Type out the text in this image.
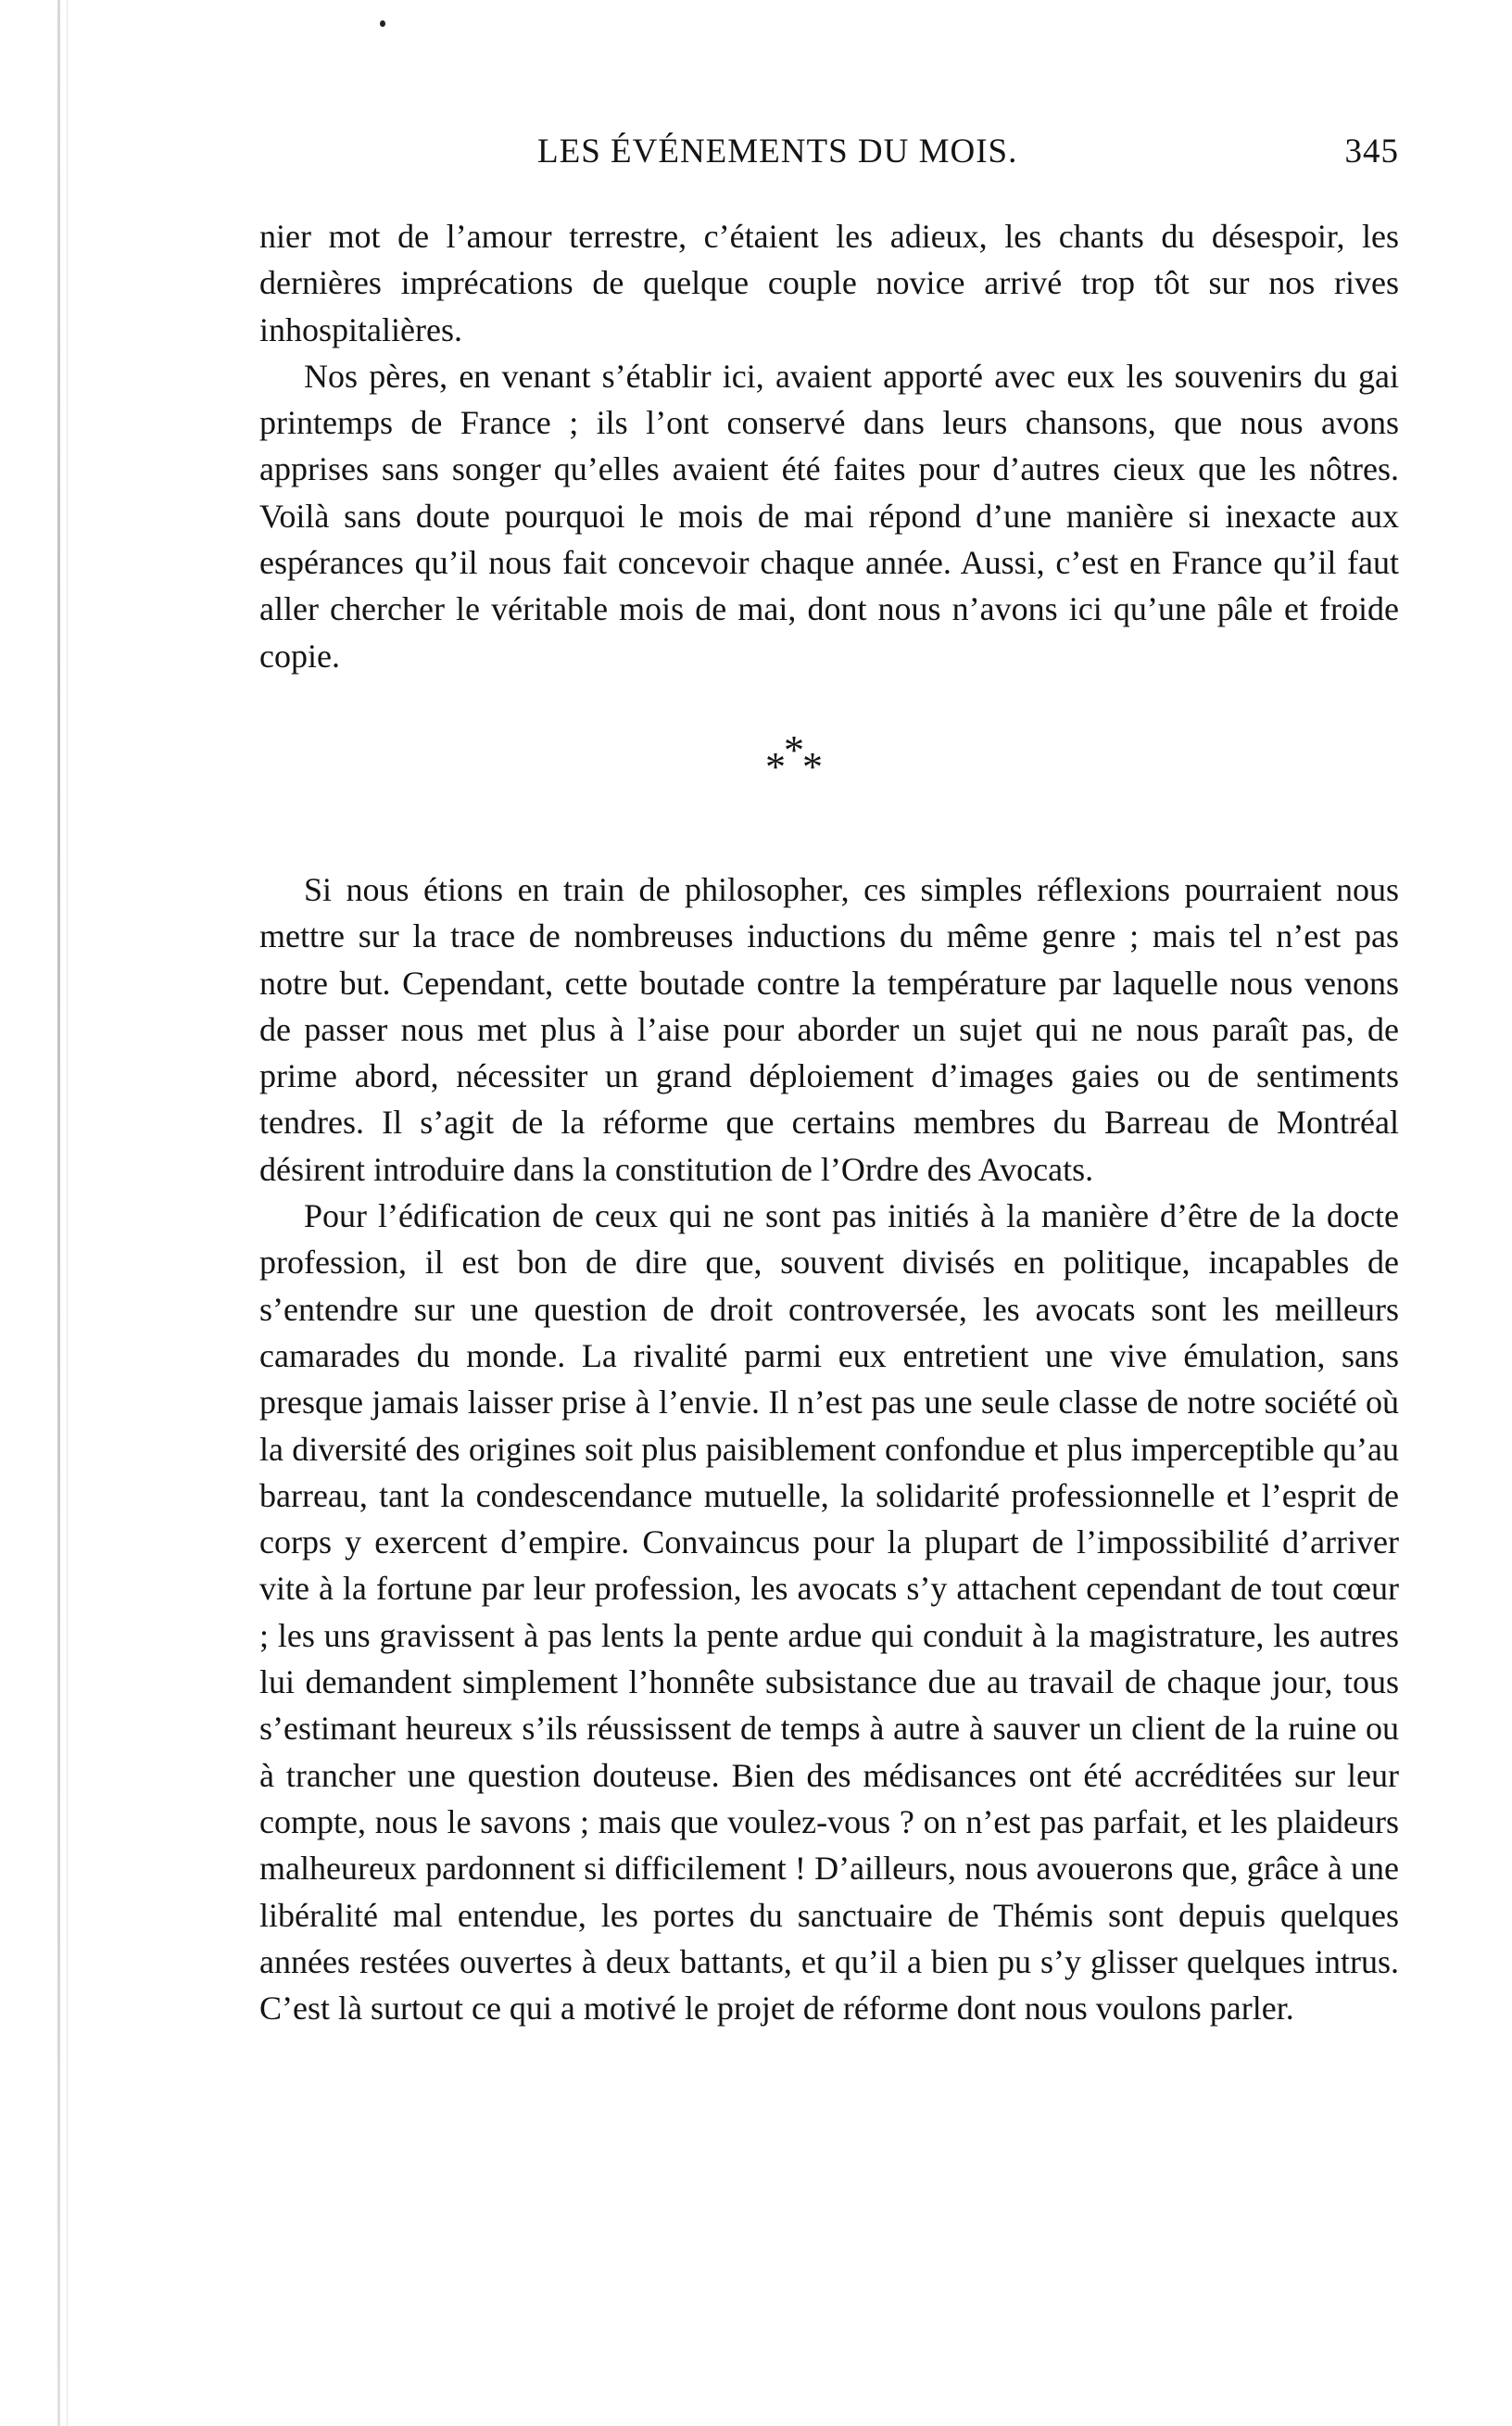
LES ÉVÉNEMENTS DU MOIS.	345

nier mot de l’amour terrestre, c’étaient les adieux, les chants du désespoir, les dernières imprécations de quelque couple novice arrivé trop tôt sur nos rives inhospitalières.

Nos pères, en venant s’établir ici, avaient apporté avec eux les souvenirs du gai printemps de France ; ils l’ont conservé dans leurs chansons, que nous avons apprises sans songer qu’elles avaient été faites pour d’autres cieux que les nôtres. Voilà sans doute pourquoi le mois de mai répond d’une manière si inexacte aux espérances qu’il nous fait concevoir chaque année. Aussi, c’est en France qu’il faut aller chercher le véritable mois de mai, dont nous n’avons ici qu’une pâle et froide copie.

*
*
*

Si nous étions en train de philosopher, ces simples réflexions pourraient nous mettre sur la trace de nombreuses inductions du même genre ; mais tel n’est pas notre but. Cependant, cette boutade contre la température par laquelle nous venons de passer nous met plus à l’aise pour aborder un sujet qui ne nous paraît pas, de prime abord, nécessiter un grand déploiement d’images gaies ou de sentiments tendres. Il s’agit de la réforme que certains membres du Barreau de Montréal désirent introduire dans la constitution de l’Ordre des Avocats.

Pour l’édification de ceux qui ne sont pas initiés à la manière d’être de la docte profession, il est bon de dire que, souvent divisés en politique, incapables de s’entendre sur une question de droit controversée, les avocats sont les meilleurs camarades du monde. La rivalité parmi eux entretient une vive émulation, sans presque jamais laisser prise à l’envie. Il n’est pas une seule classe de notre société où la diversité des origines soit plus paisiblement confondue et plus imperceptible qu’au barreau, tant la condescendance mutuelle, la solidarité professionnelle et l’esprit de corps y exercent d’empire. Convaincus pour la plupart de l’impossibilité d’arriver vite à la fortune par leur profession, les avocats s’y attachent cependant de tout cœur ; les uns gravissent à pas lents la pente ardue qui conduit à la magistrature, les autres lui demandent simplement l’honnête subsistance due au travail de chaque jour, tous s’estimant heureux s’ils réussissent de temps à autre à sauver un client de la ruine ou à trancher une question douteuse. Bien des médisances ont été accréditées sur leur compte, nous le savons ; mais que voulez-vous ? on n’est pas parfait, et les plaideurs malheureux pardonnent si difficilement ! D’ailleurs, nous avouerons que, grâce à une libéralité mal entendue, les portes du sanctuaire de Thémis sont depuis quelques années restées ouvertes à deux battants, et qu’il a bien pu s’y glisser quelques intrus. C’est là surtout ce qui a motivé le projet de réforme dont nous voulons parler.
